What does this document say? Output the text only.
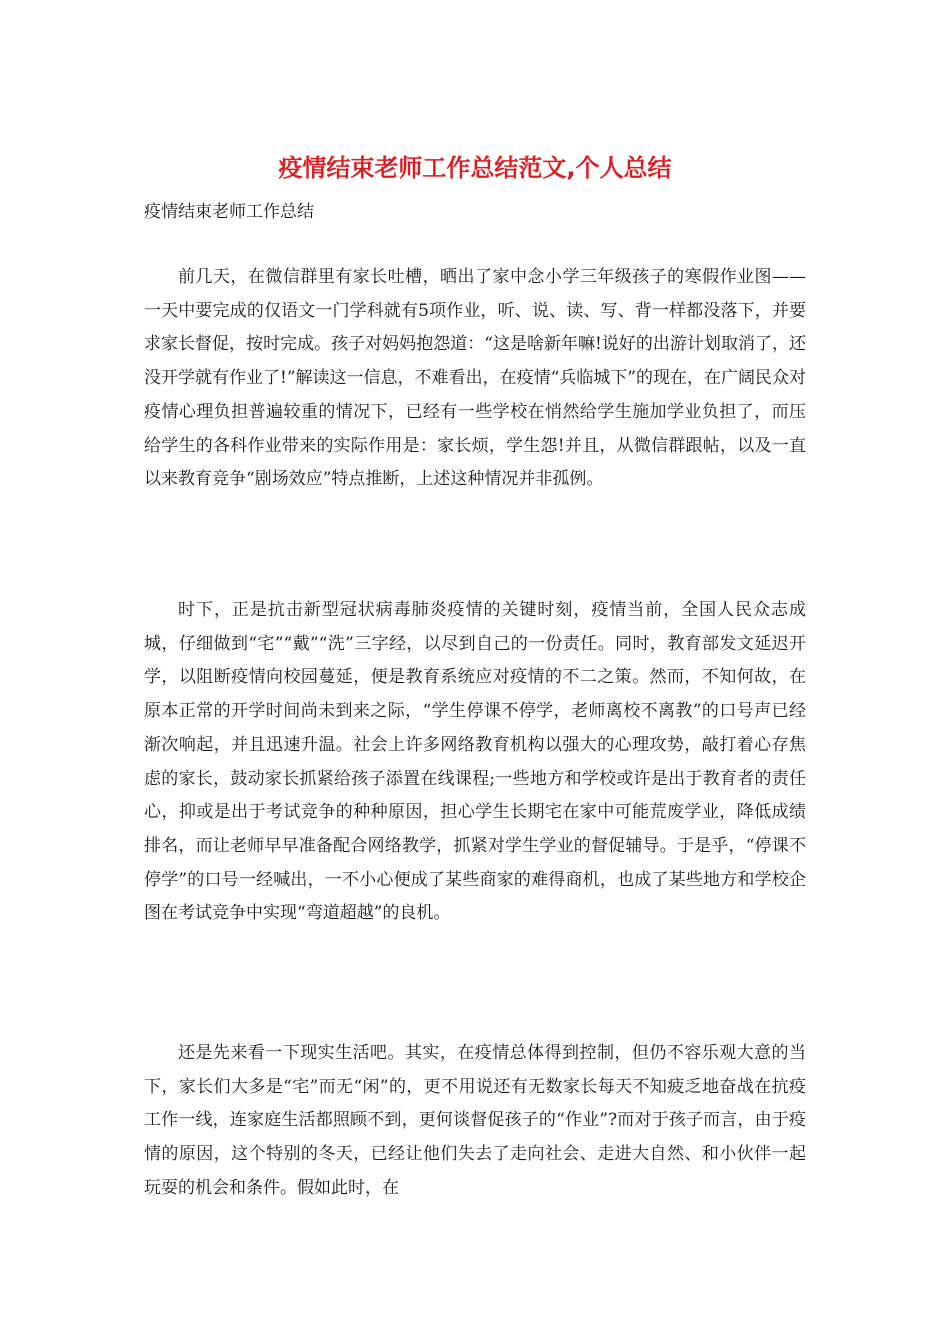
疫情结束老师工作总结范文,个人总结

疫情结束老师工作总结

前几天，在微信群里有家长吐槽，晒出了家中念小学三年级孩子的寒假作业图——一天中要完成的仅语文一门学科就有5项作业，听、说、读、写、背一样都没落下，并要求家长督促，按时完成。孩子对妈妈抱怨道：“这是啥新年嘛!说好的出游计划取消了，还没开学就有作业了!”解读这一信息，不难看出，在疫情“兵临城下”的现在，在广阔民众对疫情心理负担普遍较重的情况下，已经有一些学校在悄然给学生施加学业负担了，而压给学生的各科作业带来的实际作用是：家长烦，学生怨!并且，从微信群跟帖，以及一直以来教育竞争“剧场效应”特点推断，上述这种情况并非孤例。

时下，正是抗击新型冠状病毒肺炎疫情的关键时刻，疫情当前，全国人民众志成城，仔细做到“宅”“戴”“洗”三字经，以尽到自己的一份责任。同时，教育部发文延迟开学，以阻断疫情向校园蔓延，便是教育系统应对疫情的不二之策。然而，不知何故，在原本正常的开学时间尚未到来之际，“学生停课不停学，老师离校不离教”的口号声已经渐次响起，并且迅速升温。社会上许多网络教育机构以强大的心理攻势，敲打着心存焦虑的家长，鼓动家长抓紧给孩子添置在线课程;一些地方和学校或许是出于教育者的责任心，抑或是出于考试竞争的种种原因，担心学生长期宅在家中可能荒废学业，降低成绩排名，而让老师早早准备配合网络教学，抓紧对学生学业的督促辅导。于是乎，“停课不停学”的口号一经喊出，一不小心便成了某些商家的难得商机，也成了某些地方和学校企图在考试竞争中实现“弯道超越”的良机。

还是先来看一下现实生活吧。其实，在疫情总体得到控制，但仍不容乐观大意的当下，家长们大多是“宅”而无“闲”的，更不用说还有无数家长每天不知疲乏地奋战在抗疫工作一线，连家庭生活都照顾不到，更何谈督促孩子的“作业”?而对于孩子而言，由于疫情的原因，这个特别的冬天，已经让他们失去了走向社会、走进大自然、和小伙伴一起玩耍的机会和条件。假如此时，在
